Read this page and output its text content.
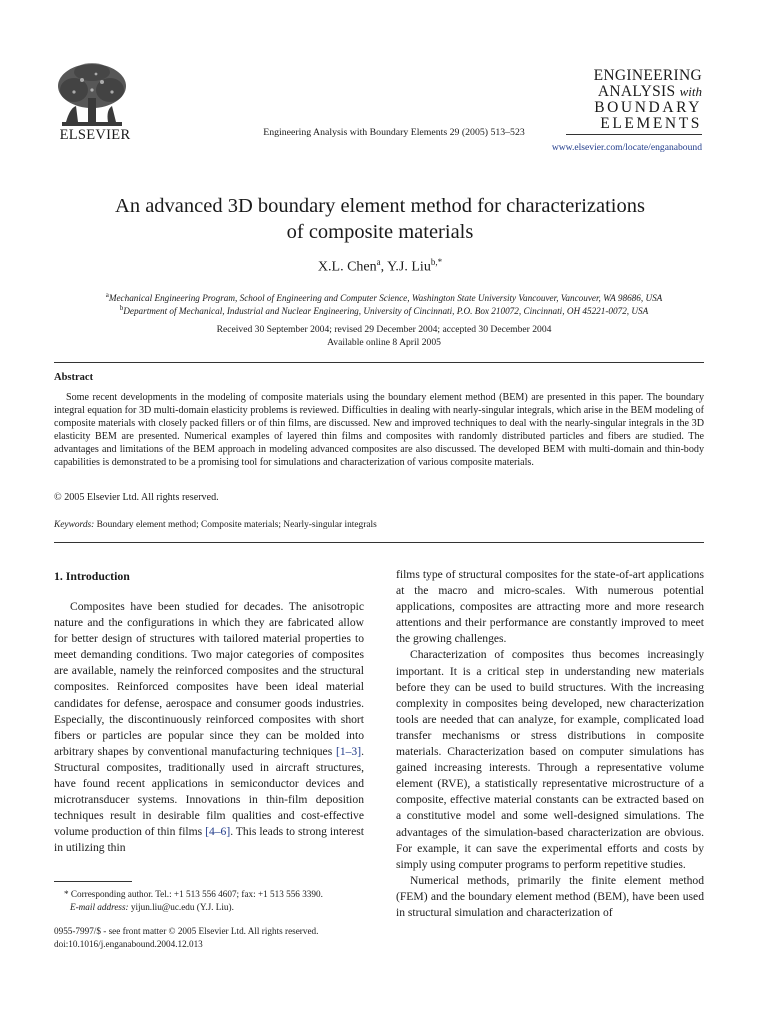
ELSEVIER	Engineering Analysis with Boundary Elements 29 (2005) 513–523
ENGINEERING
ANALYSIS with
BOUNDARY
ELEMENTS
www.elsevier.com/locate/enganabound
An advanced 3D boundary element method for characterizations
of composite materials
X.L. Chen$^a$, Y.J. Liu$^{b,*}$
$^a$Mechanical Engineering Program, School of Engineering and Computer Science, Washington State University Vancouver, Vancouver, WA 98686, USA
$^b$Department of Mechanical, Industrial and Nuclear Engineering, University of Cincinnati, P.O. Box 210072, Cincinnati, OH 45221-0072, USA
Received 30 September 2004; revised 29 December 2004; accepted 30 December 2004
Available online 8 April 2005
Abstract
Some recent developments in the modeling of composite materials using the boundary element method (BEM) are presented in this paper. The boundary integral equation for 3D multi-domain elasticity problems is reviewed. Difficulties in dealing with nearly-singular integrals, which arise in the BEM modeling of composite materials with closely packed fillers or of thin films, are discussed. New and improved techniques to deal with the nearly-singular integrals in the 3D elasticity BEM are presented. Numerical examples of layered thin films and composites with randomly distributed particles and fibers are studied. The advantages and limitations of the BEM approach in modeling advanced composites are also discussed. The developed BEM with multi-domain and thin-body capabilities is demonstrated to be a promising tool for simulations and characterization of various composite materials.
© 2005 Elsevier Ltd. All rights reserved.
Keywords: Boundary element method; Composite materials; Nearly-singular integrals
1. Introduction
Composites have been studied for decades. The anisotropic nature and the configurations in which they are fabricated allow for better design of structures with tailored material properties to meet demanding conditions. Two major categories of composites are available, namely the reinforced composites and the structural composites. Reinforced composites have been ideal material candidates for defense, aerospace and consumer goods industries. Especially, the discontinuously reinforced composites with short fibers or particles are popular since they can be molded into arbitrary shapes by conventional manufacturing techniques [1–3]. Structural composites, traditionally used in aircraft structures, have found recent applications in semiconductor devices and microtransducer systems. Innovations in thin-film deposition techniques result in desirable film qualities and cost-effective volume production of thin films [4–6]. This leads to strong interest in utilizing thin

films type of structural composites for the state-of-art applications at the macro and micro-scales. With numerous potential applications, composites are attracting more and more research attentions and their performance are constantly improved to meet the growing challenges.

Characterization of composites thus becomes increasingly important. It is a critical step in understanding new materials before they can be used to build structures. With the increasing complexity in composites being developed, new characterization tools are needed that can analyze, for example, complicated load transfer mechanisms or stress distributions in composite materials. Characterization based on computer simulations has gained increasing interests. Through a representative volume element (RVE), a statistically representative microstructure of a composite, effective material constants can be extracted based on a constitutive model and some well-designed simulations. The advantages of the simulation-based characterization are obvious. For example, it can save the experimental efforts and costs by simply using computer programs to perform repetitive studies.

Numerical methods, primarily the finite element method (FEM) and the boundary element method (BEM), have been used in structural simulation and characterization of

* Corresponding author. Tel.: +1 513 556 4607; fax: +1 513 556 3390.
E-mail address: yijun.liu@uc.edu (Y.J. Liu).
0955-7997/$ - see front matter © 2005 Elsevier Ltd. All rights reserved.
doi:10.1016/j.enganabound.2004.12.013
